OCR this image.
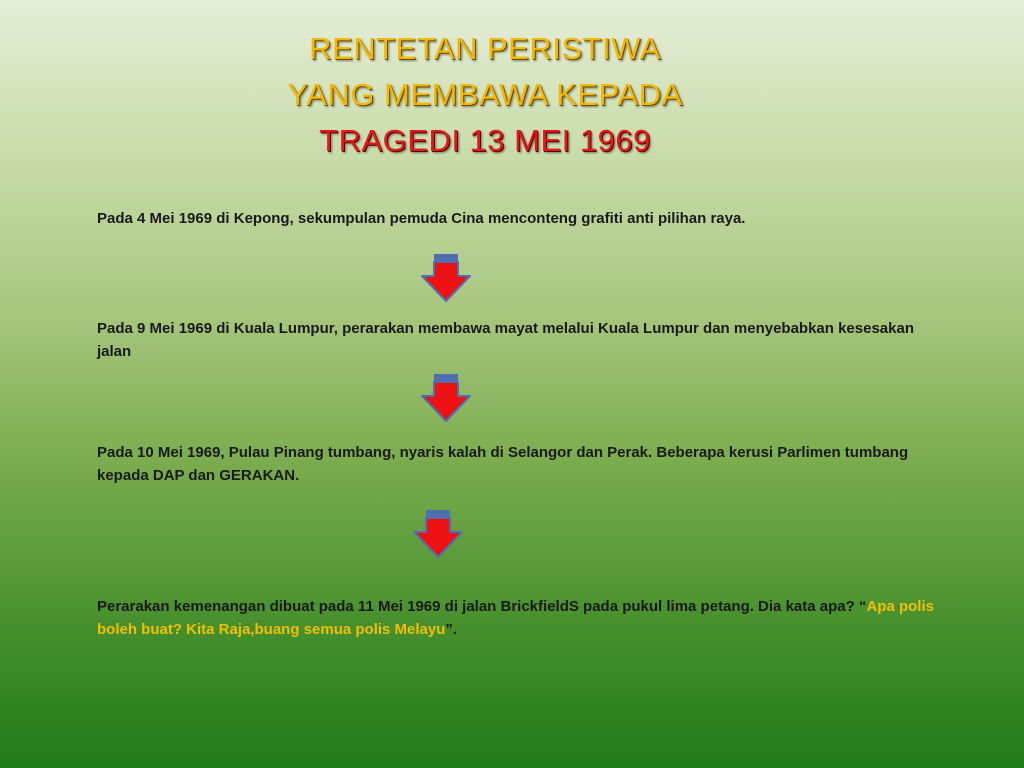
RENTETAN PERISTIWA
YANG MEMBAWA KEPADA
TRAGEDI 13 MEI 1969
Pada 4 Mei 1969 di Kepong, sekumpulan pemuda Cina menconteng grafiti anti pilihan raya.
Pada 9 Mei 1969 di Kuala Lumpur, perarakan membawa mayat melalui Kuala Lumpur dan menyebabkan kesesakan jalan
Pada 10 Mei 1969, Pulau Pinang tumbang, nyaris kalah di Selangor dan Perak. Beberapa kerusi Parlimen tumbang kepada DAP dan GERAKAN.
Perarakan kemenangan dibuat pada 11 Mei 1969 di jalan BrickfieldS pada pukul lima petang. Dia kata apa? “Apa polis boleh buat? Kita Raja,buang semua polis Melayu”.
